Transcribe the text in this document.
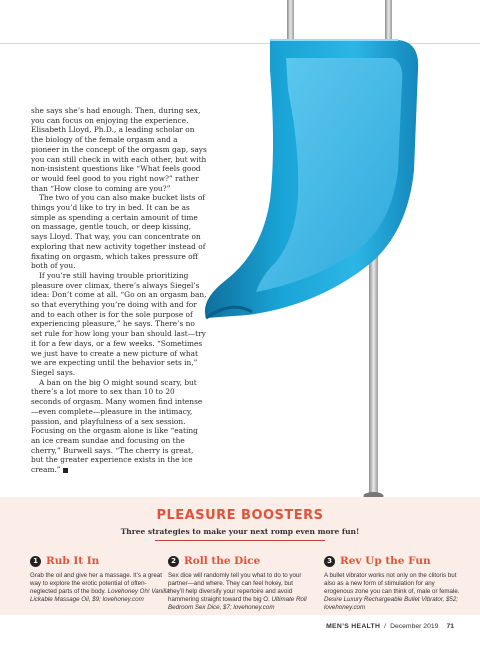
she says she’s had enough. Then, during sex, you can focus on enjoying the experience. Elisabeth Lloyd, Ph.D., a leading scholar on the biology of the female orgasm and a pioneer in the concept of the orgasm gap, says you can still check in with each other, but with non-insistent questions like “What feels good or would feel good to you right now?” rather than “How close to coming are you?”

The two of you can also make bucket lists of things you’d like to try in bed. It can be as simple as spending a certain amount of time on massage, gentle touch, or deep kissing, says Lloyd. That way, you can concentrate on exploring that new activity together instead of fixating on orgasm, which takes pressure off both of you.

If you’re still having trouble prioritizing pleasure over climax, there’s always Siegel’s idea: Don’t come at all. “Go on an orgasm ban, so that everything you’re doing with and for and to each other is for the sole purpose of experiencing pleasure,” he says. There’s no set rule for how long your ban should last—try it for a few days, or a few weeks. “Sometimes we just have to create a new picture of what we are expecting until the behavior sets in,” Siegel says.

A ban on the big O might sound scary, but there’s a lot more to sex than 10 to 20 seconds of orgasm. Many women find intense—even complete—pleasure in the intimacy, passion, and playfulness of a sex session. Focusing on the orgasm alone is like “eating an ice cream sundae and focusing on the cherry,” Burwell says. “The cherry is great, but the greater experience exists in the ice cream.”

PLEASURE BOOSTERS
Three strategies to make your next romp even more fun!
1 Rub It In
Grab the oil and give her a massage. It’s a great way to explore the erotic potential of often-neglected parts of the body. Lovehoney Oh! Vanilla Lickable Massage Oil, $9; lovehoney.com
2 Roll the Dice
Sex dice will randomly tell you what to do to your partner—and where. They can feel hokey, but they’ll help diversify your repertoire and avoid hammering straight toward the big O. Ultimate Roll Bedroom Sex Dice, $7; lovehoney.com
3 Rev Up the Fun
A bullet vibrator works not only on the clitoris but also as a new form of stimulation for any erogenous zone you can think of, male or female. Desire Luxury Rechargeable Bullet Vibrator, $52; lovehoney.com
MEN’S HEALTH / December 2019 71
